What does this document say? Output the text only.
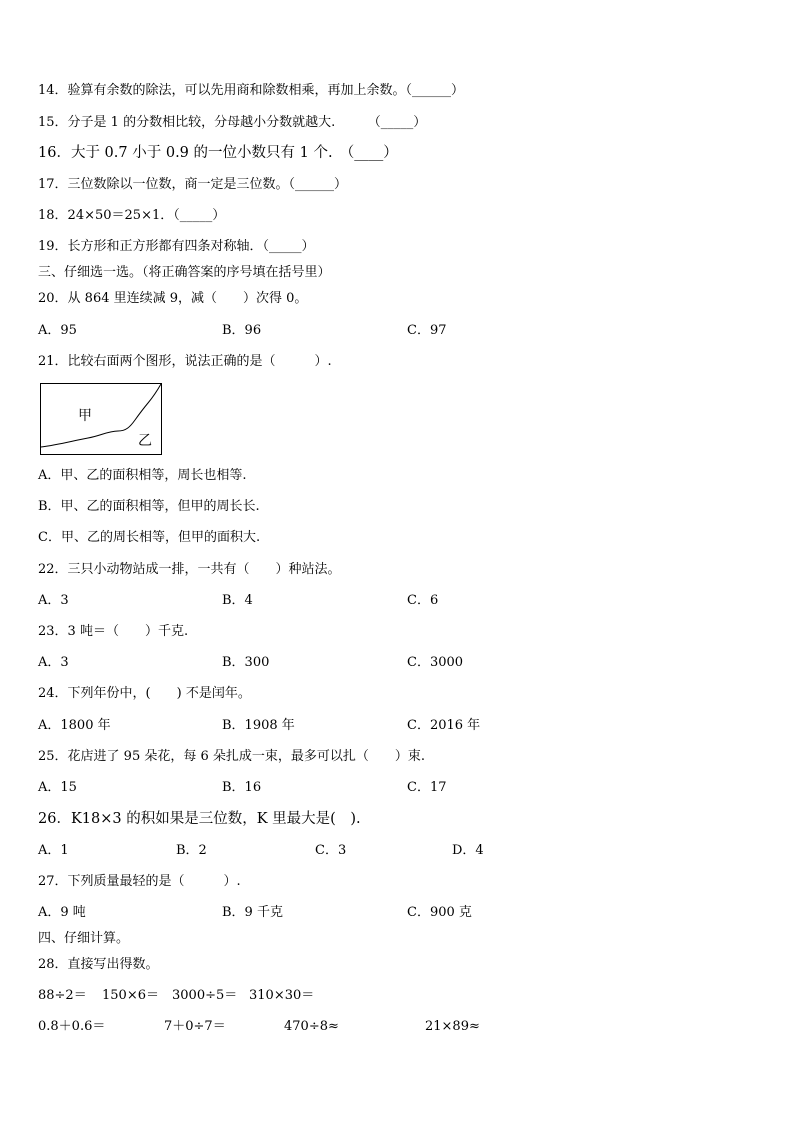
14．验算有余数的除法，可以先用商和除数相乘，再加上余数。（______）
15．分子是 1 的分数相比较，分母越小分数就越大.　　　（_____）
16．大于 0.7 小于 0.9 的一位小数只有 1 个.　（____）
17．三位数除以一位数，商一定是三位数。（______）
18．24×50＝25×1．（_____）
19．长方形和正方形都有四条对称轴．（_____）
三、仔细选一选。（将正确答案的序号填在括号里）
20．从 864 里连续减 9，减（　　）次得 0。
A．95	B．96	C．97
21．比较右面两个图形，说法正确的是（　　　）.
甲
乙
A．甲、乙的面积相等，周长也相等.
B．甲、乙的面积相等，但甲的周长长.
C．甲、乙的周长相等，但甲的面积大.
22．三只小动物站成一排，一共有（　　）种站法。
A．3	B．4	C．6
23．3 吨＝（　　）千克.
A．3	B．300	C．3000
24．下列年份中，(　　) 不是闰年。
A．1800 年	B．1908 年	C．2016 年
25．花店进了 95 朵花，每 6 朵扎成一束，最多可以扎（　　）束.
A．15	B．16	C．17
26．K18×3 的积如果是三位数，K 里最大是(　).
A．1	B．2	C．3	D．4
27．下列质量最轻的是（　　　）.
A．9 吨	B．9 千克	C．900 克
四、仔细计算。
28．直接写出得数。
88÷2＝ 150×6＝ 3000÷5＝ 310×30＝
0.8＋0.6＝	7＋0÷7＝	470÷8≈	21×89≈
